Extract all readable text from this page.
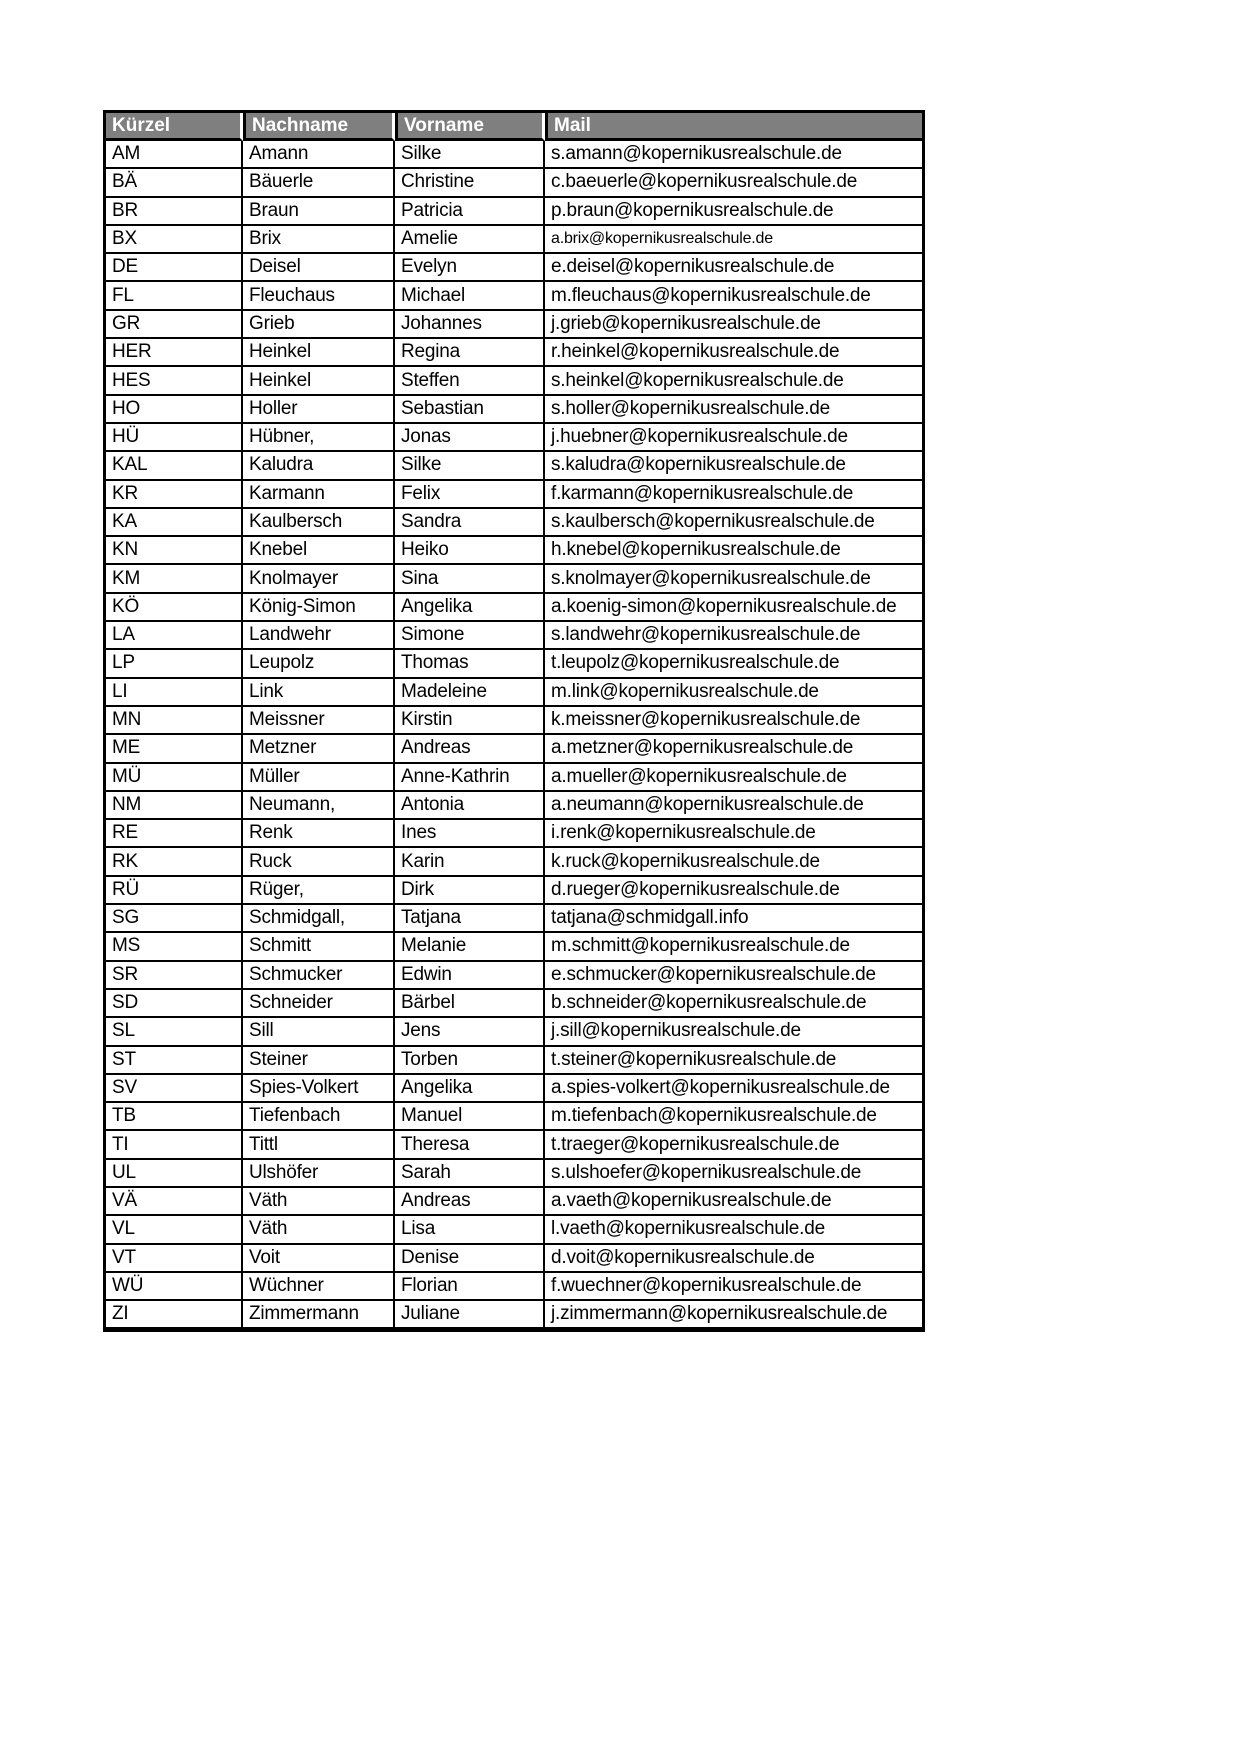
Kürzel	Nachname	Vorname	Mail
AM	Amann	Silke	s.amann@kopernikusrealschule.de
BÄ	Bäuerle	Christine	c.baeuerle@kopernikusrealschule.de
BR	Braun	Patricia	p.braun@kopernikusrealschule.de
BX	Brix	Amelie	a.brix@kopernikusrealschule.de
DE	Deisel	Evelyn	e.deisel@kopernikusrealschule.de
FL	Fleuchaus	Michael	m.fleuchaus@kopernikusrealschule.de
GR	Grieb	Johannes	j.grieb@kopernikusrealschule.de
HER	Heinkel	Regina	r.heinkel@kopernikusrealschule.de
HES	Heinkel	Steffen	s.heinkel@kopernikusrealschule.de
HO	Holler	Sebastian	s.holler@kopernikusrealschule.de
HÜ	Hübner,	Jonas	j.huebner@kopernikusrealschule.de
KAL	Kaludra	Silke	s.kaludra@kopernikusrealschule.de
KR	Karmann	Felix	f.karmann@kopernikusrealschule.de
KA	Kaulbersch	Sandra	s.kaulbersch@kopernikusrealschule.de
KN	Knebel	Heiko	h.knebel@kopernikusrealschule.de
KM	Knolmayer	Sina	s.knolmayer@kopernikusrealschule.de
KÖ	König-Simon	Angelika	a.koenig-simon@kopernikusrealschule.de
LA	Landwehr	Simone	s.landwehr@kopernikusrealschule.de
LP	Leupolz	Thomas	t.leupolz@kopernikusrealschule.de
LI	Link	Madeleine	m.link@kopernikusrealschule.de
MN	Meissner	Kirstin	k.meissner@kopernikusrealschule.de
ME	Metzner	Andreas	a.metzner@kopernikusrealschule.de
MÜ	Müller	Anne-Kathrin	a.mueller@kopernikusrealschule.de
NM	Neumann,	Antonia	a.neumann@kopernikusrealschule.de
RE	Renk	Ines	i.renk@kopernikusrealschule.de
RK	Ruck	Karin	k.ruck@kopernikusrealschule.de
RÜ	Rüger,	Dirk	d.rueger@kopernikusrealschule.de
SG	Schmidgall,	Tatjana	tatjana@schmidgall.info
MS	Schmitt	Melanie	m.schmitt@kopernikusrealschule.de
SR	Schmucker	Edwin	e.schmucker@kopernikusrealschule.de
SD	Schneider	Bärbel	b.schneider@kopernikusrealschule.de
SL	Sill	Jens	j.sill@kopernikusrealschule.de
ST	Steiner	Torben	t.steiner@kopernikusrealschule.de
SV	Spies-Volkert	Angelika	a.spies-volkert@kopernikusrealschule.de
TB	Tiefenbach	Manuel	m.tiefenbach@kopernikusrealschule.de
TI	Tittl	Theresa	t.traeger@kopernikusrealschule.de
UL	Ulshöfer	Sarah	s.ulshoefer@kopernikusrealschule.de
VÄ	Väth	Andreas	a.vaeth@kopernikusrealschule.de
VL	Väth	Lisa	l.vaeth@kopernikusrealschule.de
VT	Voit	Denise	d.voit@kopernikusrealschule.de
WÜ	Wüchner	Florian	f.wuechner@kopernikusrealschule.de
ZI	Zimmermann	Juliane	j.zimmermann@kopernikusrealschule.de
